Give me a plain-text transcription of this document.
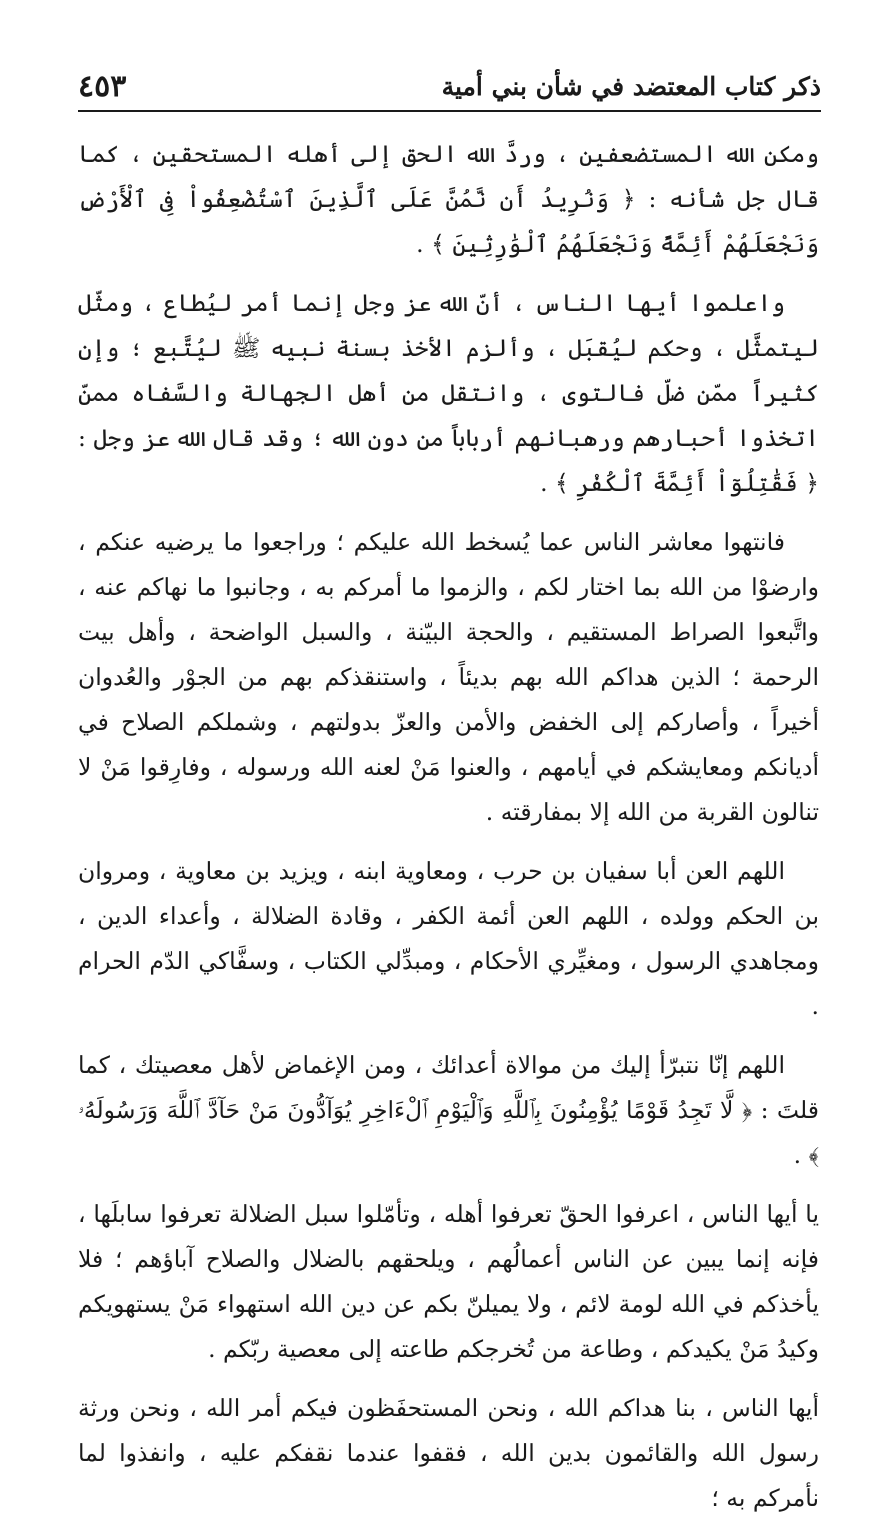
ذكر كتاب المعتضد في شأن بني أمية
٤٥٣

ومكن الله المستضعفين ، وردَّ الله الحق إلى أهله المستحقين ، كما قال جل شأنه : ﴿ وَنُرِيدُ أَن نَّمُنَّ عَلَى ٱلَّذِينَ ٱسْتُضْعِفُواْ فِى ٱلْأَرْضِ وَنَجْعَلَهُمْ أَئِمَّةً وَنَجْعَلَهُمُ ٱلْوَٰرِثِينَ ﴾ .

واعلموا أيها الناس ، أنّ الله عز وجل إنما أمر ليُطاع ، ومثّل ليتمثَّل ، وحكم ليُقبَل ، وألزم الأخذ بسنة نبيه ﷺ ليُتَّبع ؛ وإن كثيراً ممّن ضلّ فالتوى ، وانتقل من أهل الجهالة والسَّفاه ممنّ اتخذوا أحبارهم ورهبانهم أرباباً من دون الله ؛ وقد قال الله عز وجل : ﴿ فَقَٰتِلُوٓاْ أَئِمَّةَ ٱلْكُفْرِ ﴾ .

فانتهوا معاشر الناس عما يُسخط الله عليكم ؛ وراجعوا ما يرضيه عنكم ، وارضوْا من الله بما اختار لكم ، والزموا ما أمركم به ، وجانبوا ما نهاكم عنه ، واتَّبعوا الصراط المستقيم ، والحجة البيّنة ، والسبل الواضحة ، وأهل بيت الرحمة ؛ الذين هداكم الله بهم بديئاً ، واستنقذكم بهم من الجوْر والعُدوان أخيراً ، وأصاركم إلى الخفض والأمن والعزّ بدولتهم ، وشملكم الصلاح في أديانكم ومعايشكم في أيامهم ، والعنوا مَنْ لعنه الله ورسوله ، وفارِقوا مَنْ لا تنالون القربة من الله إلا بمفارقته .

اللهم العن أبا سفيان بن حرب ، ومعاوية ابنه ، ويزيد بن معاوية ، ومروان بن الحكم وولده ، اللهم العن أئمة الكفر ، وقادة الضلالة ، وأعداء الدين ، ومجاهدي الرسول ، ومغيِّري الأحكام ، ومبدِّلي الكتاب ، وسفَّاكي الدّم الحرام .

اللهم إنّا نتبرّأ إليك من موالاة أعدائك ، ومن الإغماض لأهل معصيتك ، كما قلتَ : ﴿ لَّا تَجِدُ قَوْمًا يُؤْمِنُونَ بِٱللَّهِ وَٱلْيَوْمِ ٱلْءَاخِرِ يُوَآدُّونَ مَنْ حَآدَّ ٱللَّهَ وَرَسُولَهُۥ ﴾ .

يا أيها الناس ، اعرفوا الحقّ تعرفوا أهله ، وتأمّلوا سبل الضلالة تعرفوا سابلَها ، فإنه إنما يبين عن الناس أعمالُهم ، ويلحقهم بالضلال والصلاح آباؤهم ؛ فلا يأخذكم في الله لومة لائم ، ولا يميلنّ بكم عن دين الله استهواء مَنْ يستهويكم وكيدُ مَنْ يكيدكم ، وطاعة من تُخرجكم طاعته إلى معصية ربّكم .

أيها الناس ، بنا هداكم الله ، ونحن المستحفَظون فيكم أمر الله ، ونحن ورثة رسول الله والقائمون بدين الله ، فقفوا عندما نقفكم عليه ، وانفذوا لما نأمركم به ؛
